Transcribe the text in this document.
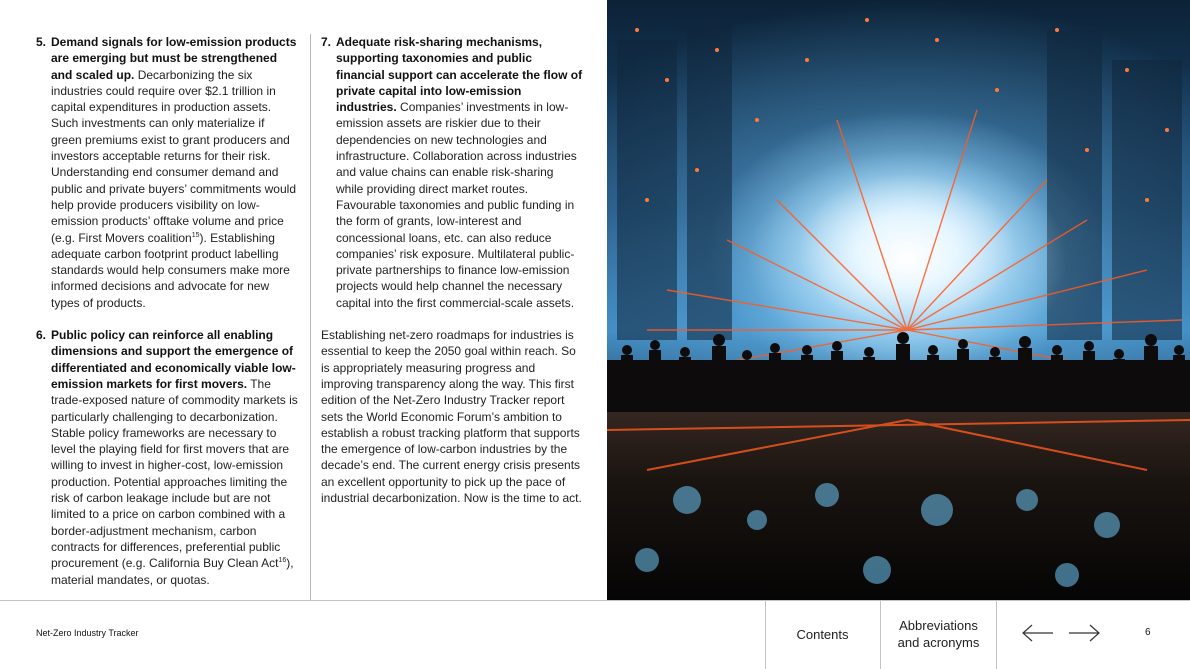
5. Demand signals for low-emission products are emerging but must be strengthened and scaled up. Decarbonizing the six industries could require over $2.1 trillion in capital expenditures in production assets. Such investments can only materialize if green premiums exist to grant producers and investors acceptable returns for their risk. Understanding end consumer demand and public and private buyers’ commitments would help provide producers visibility on low-emission products’ offtake volume and price (e.g. First Movers coalition$^{15}$). Establishing adequate carbon footprint product labelling standards would help consumers make more informed decisions and advocate for new types of products.
6. Public policy can reinforce all enabling dimensions and support the emergence of differentiated and economically viable low-emission markets for first movers. The trade-exposed nature of commodity markets is particularly challenging to decarbonization. Stable policy frameworks are necessary to level the playing field for first movers that are willing to invest in higher-cost, low-emission production. Potential approaches limiting the risk of carbon leakage include but are not limited to a price on carbon combined with a border-adjustment mechanism, carbon contracts for differences, preferential public procurement (e.g. California Buy Clean Act$^{16}$), material mandates, or quotas.
7. Adequate risk-sharing mechanisms, supporting taxonomies and public financial support can accelerate the flow of private capital into low-emission industries. Companies’ investments in low-emission assets are riskier due to their dependencies on new technologies and infrastructure. Collaboration across industries and value chains can enable risk-sharing while providing direct market routes. Favourable taxonomies and public funding in the form of grants, low-interest and concessional loans, etc. can also reduce companies’ risk exposure. Multilateral public-private partnerships to finance low-emission projects would help channel the necessary capital into the first commercial-scale assets.

Establishing net-zero roadmaps for industries is essential to keep the 2050 goal within reach. So is appropriately measuring progress and improving transparency along the way. This first edition of the Net-Zero Industry Tracker report sets the World Economic Forum’s ambition to establish a robust tracking platform that supports the emergence of low-carbon industries by the decade’s end. The current energy crisis presents an excellent opportunity to pick up the pace of industrial decarbonization. Now is the time to act.

Net-Zero Industry Tracker	Contents
Abbreviations
and acronyms
6
